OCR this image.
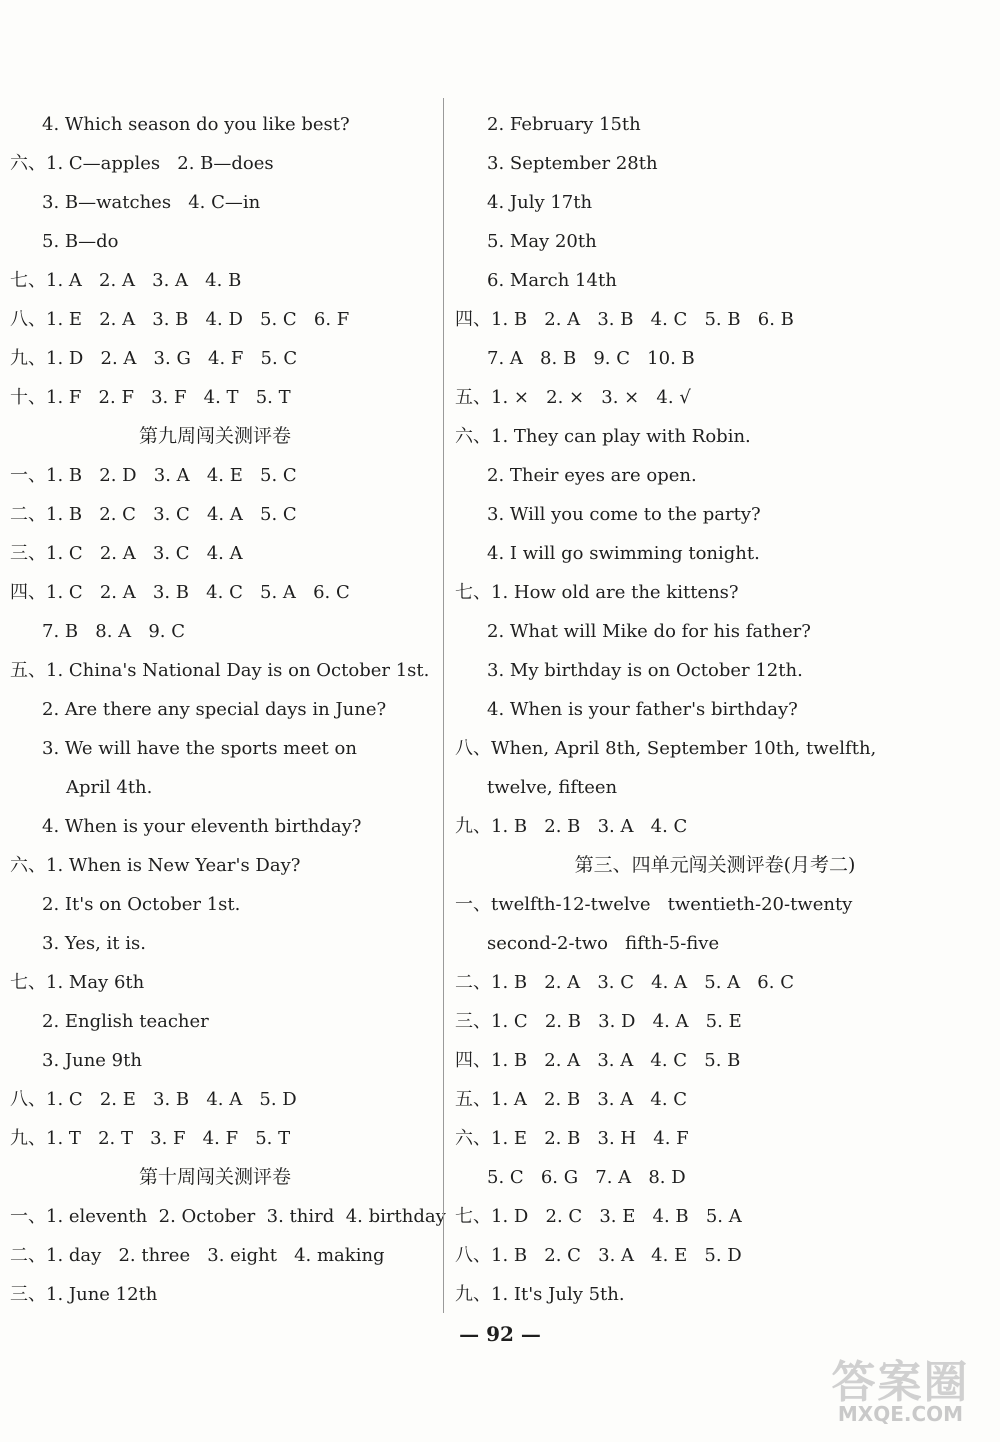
4. Which season do you like best?
六、1. C—apples   2. B—does
3. B—watches   4. C—in
5. B—do
七、1. A   2. A   3. A   4. B
八、1. E   2. A   3. B   4. D   5. C   6. F
九、1. D   2. A   3. G   4. F   5. C
十、1. F   2. F   3. F   4. T   5. T
第九周闯关测评卷
一、1. B   2. D   3. A   4. E   5. C
二、1. B   2. C   3. C   4. A   5. C
三、1. C   2. A   3. C   4. A
四、1. C   2. A   3. B   4. C   5. A   6. C
7. B   8. A   9. C
五、1. China's National Day is on October 1st.
2. Are there any special days in June?
3. We will have the sports meet on
April 4th.
4. When is your eleventh birthday?
六、1. When is New Year's Day?
2. It's on October 1st.
3. Yes, it is.
七、1. May 6th
2. English teacher
3. June 9th
八、1. C   2. E   3. B   4. A   5. D
九、1. T   2. T   3. F   4. F   5. T
第十周闯关测评卷
一、1. eleventh  2. October  3. third  4. birthday
二、1. day   2. three   3. eight   4. making
三、1. June 12th
2. February 15th
3. September 28th
4. July 17th
5. May 20th
6. March 14th
四、1. B   2. A   3. B   4. C   5. B   6. B
7. A   8. B   9. C   10. B
五、1. ×   2. ×   3. ×   4. √
六、1. They can play with Robin.
2. Their eyes are open.
3. Will you come to the party?
4. I will go swimming tonight.
七、1. How old are the kittens?
2. What will Mike do for his father?
3. My birthday is on October 12th.
4. When is your father's birthday?
八、When, April 8th, September 10th, twelfth,
twelve, fifteen
九、1. B   2. B   3. A   4. C
第三、四单元闯关测评卷(月考二)
一、twelfth-12-twelve   twentieth-20-twenty
second-2-two   fifth-5-five
二、1. B   2. A   3. C   4. A   5. A   6. C
三、1. C   2. B   3. D   4. A   5. E
四、1. B   2. A   3. A   4. C   5. B
五、1. A   2. B   3. A   4. C
六、1. E   2. B   3. H   4. F
5. C   6. G   7. A   8. D
七、1. D   2. C   3. E   4. B   5. A
八、1. B   2. C   3. A   4. E   5. D
九、1. It's July 5th.
— 92 —
答案圈
MXQE.COM
